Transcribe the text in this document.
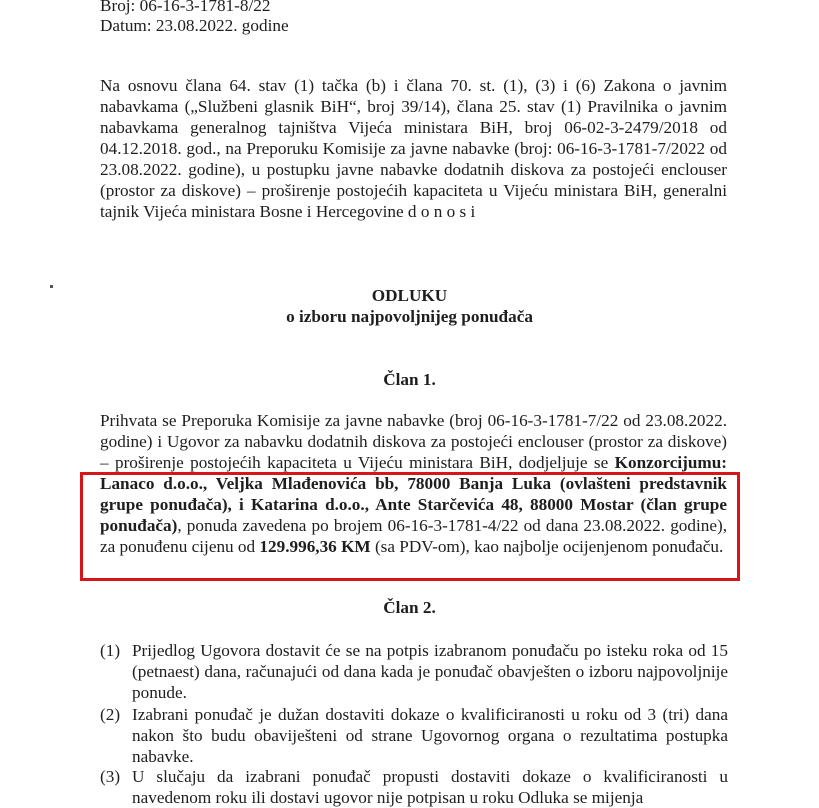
Broj: 06-16-3-1781-8/22
Datum: 23.08.2022. godine
Na osnovu člana 64. stav (1) tačka (b) i člana 70. st. (1), (3) i (6) Zakona o javnim nabavkama („Službeni glasnik BiH“, broj 39/14), člana 25. stav (1) Pravilnika o javnim nabavkama generalnog tajništva Vijeća ministara BiH, broj 06-02-3-2479/2018 od 04.12.2018. god., na Preporuku Komisije za javne nabavke (broj: 06-16-3-1781-7/2022 od 23.08.2022. godine), u postupku javne nabavke dodatnih diskova za postojeći enclouser (prostor za diskove) – proširenje postojećih kapaciteta u Vijeću ministara BiH, generalni tajnik Vijeća ministara Bosne i Hercegovine d o n o s i
ODLUKU
o izboru najpovoljnijeg ponuđača
Član 1.
Prihvata se Preporuka Komisije za javne nabavke (broj 06-16-3-1781-7/22 od 23.08.2022. godine) i Ugovor za nabavku dodatnih diskova za postojeći enclouser (prostor za diskove) – proširenje postojećih kapaciteta u Vijeću ministara BiH, dodjeljuje se Konzorcijumu: Lanaco d.o.o., Veljka Mlađenovića bb, 78000 Banja Luka (ovlašteni predstavnik grupe ponuđača), i Katarina d.o.o., Ante Starčevića 48, 88000 Mostar (član grupe ponuđača), ponuda zavedena po brojem 06-16-3-1781-4/22 od dana 23.08.2022. godine), za ponuđenu cijenu od 129.996,36 KM (sa PDV-om), kao najbolje ocijenjenom ponuđaču.
Član 2.
(1) Prijedlog Ugovora dostavit će se na potpis izabranom ponuđaču po isteku roka od 15 (petnaest) dana, računajući od dana kada je ponuđač obavješten o izboru najpovoljnije ponude.
(2) Izabrani ponuđač je dužan dostaviti dokaze o kvalificiranosti u roku od 3 (tri) dana nakon što budu obaviješteni od strane Ugovornog organa o rezultatima postupka nabavke.
(3) U slučaju da izabrani ponuđač propusti dostaviti dokaze o kvalificiranosti u navedenom roku ili dostavi ugovor nije potpisan u roku Odluka se mijenja
